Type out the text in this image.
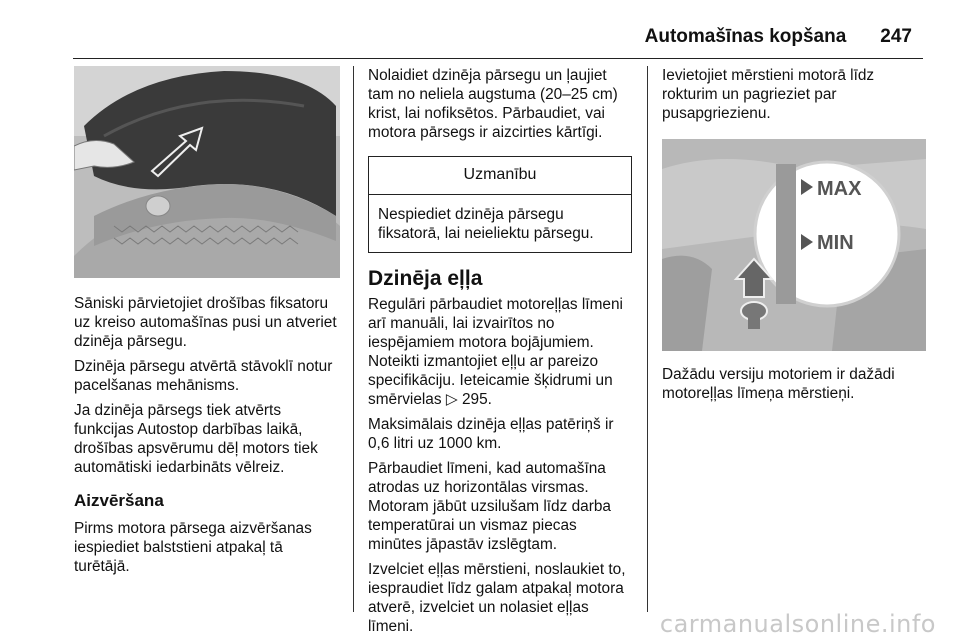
Automašīnas kopšana 247

Sāniski pārvietojiet drošības fiksatoru uz kreiso automašīnas pusi un atveriet dzinēja pārsegu.

Dzinēja pārsegu atvērtā stāvoklī notur pacelšanas mehānisms.

Ja dzinēja pārsegs tiek atvērts funkcijas Autostop darbības laikā, drošības apsvērumu dēļ motors tiek automātiski iedarbināts vēlreiz.

Aizvēršana

Pirms motora pārsega aizvēršanas iespiediet balststieni atpakaļ tā turētājā.

Nolaidiet dzinēja pārsegu un ļaujiet tam no neliela augstuma (20–25 cm) krist, lai nofiksētos. Pārbaudiet, vai motora pārsegs ir aizcirties kārtīgi.

Uzmanību
Nespiediet dzinēja pārsegu fiksatorā, lai neieliektu pārsegu.
Dzinēja eļļa

Regulāri pārbaudiet motoreļļas līmeni arī manuāli, lai izvairītos no iespējamiem motora bojājumiem. Noteikti izmantojiet eļļu ar pareizo specifikāciju. Ieteicamie šķidrumi un smērvielas ▷ 295.

Maksimālais dzinēja eļļas patēriņš ir 0,6 litri uz 1000 km.

Pārbaudiet līmeni, kad automašīna atrodas uz horizontālas virsmas. Motoram jābūt uzsilušam līdz darba temperatūrai un vismaz piecas minūtes jāpastāv izslēgtam.

Izvelciet eļļas mērstieni, noslaukiet to, iespraudiet līdz galam atpakaļ motora atverē, izvelciet un nolasiet eļļas līmeni.

Ievietojiet mērstieni motorā līdz rokturim un pagrieziet par pusapgriezienu.

MAX
MIN

Dažādu versiju motoriem ir dažādi motoreļļas līmeņa mērstieņi.

carmanualsonline.info
